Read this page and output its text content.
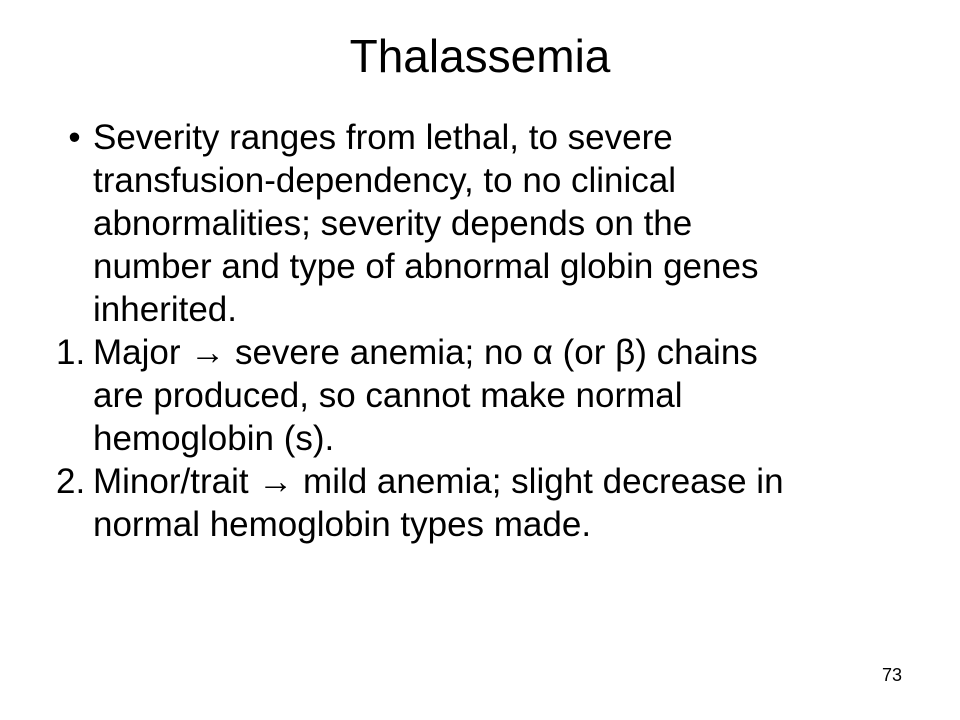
Thalassemia
• Severity ranges from lethal, to severe
transfusion-dependency, to no clinical
abnormalities; severity depends on the
number and type of abnormal globin genes
inherited.
1. Major → severe anemia; no α (or β) chains
are produced, so cannot make normal
hemoglobin (s).
2. Minor/trait → mild anemia; slight decrease in
normal hemoglobin types made.
73
